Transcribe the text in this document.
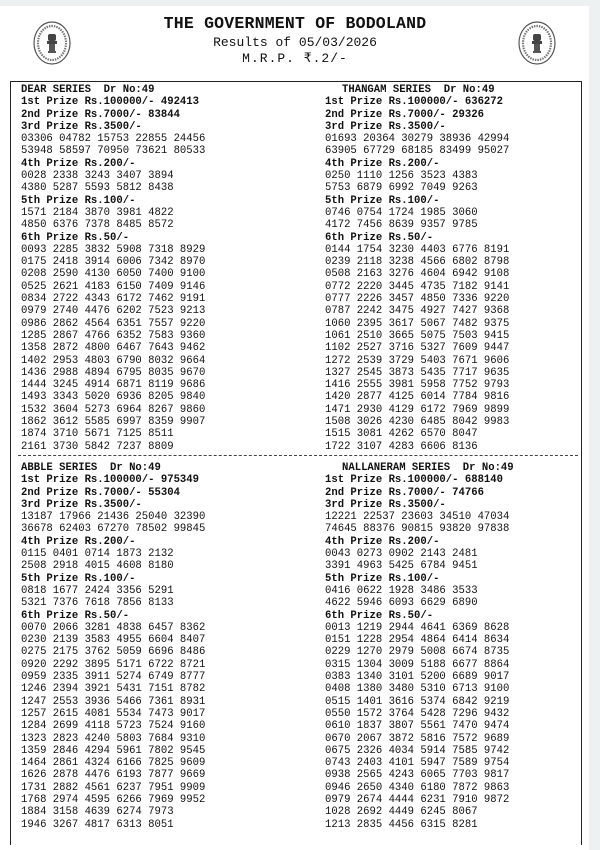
THE GOVERNMENT OF BODOLAND
Results of 05/03/2026
M.R.P. ₹.2/-
DEAR SERIES  Dr No:49
1st Prize Rs.100000/- 492413
2nd Prize Rs.7000/- 83844
3rd Prize Rs.3500/-
03306 04782 15753 22855 24456
53948 58597 70950 73621 80533
4th Prize Rs.200/-
0028 2338 3243 3407 3894
4380 5287 5593 5812 8438
5th Prize Rs.100/-
1571 2184 3870 3981 4822
4850 6376 7378 8485 8572
6th Prize Rs.50/-
0093 2285 3832 5908 7318 8929
0175 2418 3914 6006 7342 8970
0208 2590 4130 6050 7400 9100
0525 2621 4183 6150 7409 9146
0834 2722 4343 6172 7462 9191
0979 2740 4476 6202 7523 9213
0986 2862 4564 6351 7557 9220
1285 2867 4766 6352 7583 9360
1358 2872 4800 6467 7643 9462
1402 2953 4803 6790 8032 9664
1436 2988 4894 6795 8035 9670
1444 3245 4914 6871 8119 9686
1493 3343 5020 6936 8205 9840
1532 3604 5273 6964 8267 9860
1862 3612 5585 6997 8359 9907
1874 3710 5671 7125 8511
2161 3730 5842 7237 8809
THANGAM SERIES  Dr No:49
1st Prize Rs.100000/- 636272
2nd Prize Rs.7000/- 29326
3rd Prize Rs.3500/-
01693 20364 30279 38936 42994
63905 67729 68185 83499 95027
4th Prize Rs.200/-
0250 1110 1256 3523 4383
5753 6879 6992 7049 9263
5th Prize Rs.100/-
0746 0754 1724 1985 3060
4172 7456 8639 9357 9785
6th Prize Rs.50/-
0144 1754 3230 4403 6776 8191
0239 2118 3238 4566 6802 8798
0508 2163 3276 4604 6942 9108
0772 2220 3445 4735 7182 9141
0777 2226 3457 4850 7336 9220
0787 2242 3475 4927 7427 9368
1060 2395 3617 5067 7482 9375
1061 2510 3665 5075 7503 9415
1102 2527 3716 5327 7609 9447
1272 2539 3729 5403 7671 9606
1327 2545 3873 5435 7717 9635
1416 2555 3981 5958 7752 9793
1420 2877 4125 6014 7784 9816
1471 2930 4129 6172 7969 9899
1508 3026 4230 6485 8042 9983
1515 3081 4262 6570 8047
1722 3107 4283 6606 8136
ABBLE SERIES  Dr No:49
1st Prize Rs.100000/- 975349
2nd Prize Rs.7000/- 55304
3rd Prize Rs.3500/-
13187 17966 21436 25040 32390
36678 62403 67270 78502 99845
4th Prize Rs.200/-
0115 0401 0714 1873 2132
2508 2918 4015 4608 8180
5th Prize Rs.100/-
0818 1677 2424 3356 5291
5321 7376 7618 7856 8133
6th Prize Rs.50/-
0070 2066 3281 4838 6457 8362
0230 2139 3583 4955 6604 8407
0275 2175 3762 5059 6696 8486
0920 2292 3895 5171 6722 8721
0959 2335 3911 5274 6749 8777
1246 2394 3921 5431 7151 8782
1247 2553 3936 5466 7361 8931
1257 2615 4081 5534 7473 9017
1284 2699 4118 5723 7524 9160
1323 2823 4240 5803 7684 9310
1359 2846 4294 5961 7802 9545
1464 2861 4324 6166 7825 9609
1626 2878 4476 6193 7877 9669
1731 2882 4561 6237 7951 9909
1768 2974 4595 6266 7969 9952
1884 3158 4639 6274 7973
1946 3267 4817 6313 8051
NALLANERAM SERIES  Dr No:49
1st Prize Rs.100000/- 688140
2nd Prize Rs.7000/- 74766
3rd Prize Rs.3500/-
12221 22537 23603 34510 47034
74645 88376 90815 93820 97838
4th Prize Rs.200/-
0043 0273 0902 2143 2481
3391 4963 5425 6784 9451
5th Prize Rs.100/-
0416 0622 1928 3486 3533
4622 5946 6093 6629 6890
6th Prize Rs.50/-
0013 1219 2944 4641 6369 8628
0151 1228 2954 4864 6414 8634
0229 1270 2979 5008 6674 8735
0315 1304 3009 5188 6677 8864
0383 1340 3101 5200 6689 9017
0408 1380 3480 5310 6713 9100
0515 1401 3616 5374 6842 9219
0550 1572 3764 5428 7296 9432
0610 1837 3807 5561 7470 9474
0670 2067 3872 5816 7572 9689
0675 2326 4034 5914 7585 9742
0743 2403 4101 5947 7589 9754
0938 2565 4243 6065 7703 9817
0946 2650 4340 6180 7872 9863
0979 2674 4444 6231 7910 9872
1028 2692 4449 6245 8067
1213 2835 4456 6315 8281
